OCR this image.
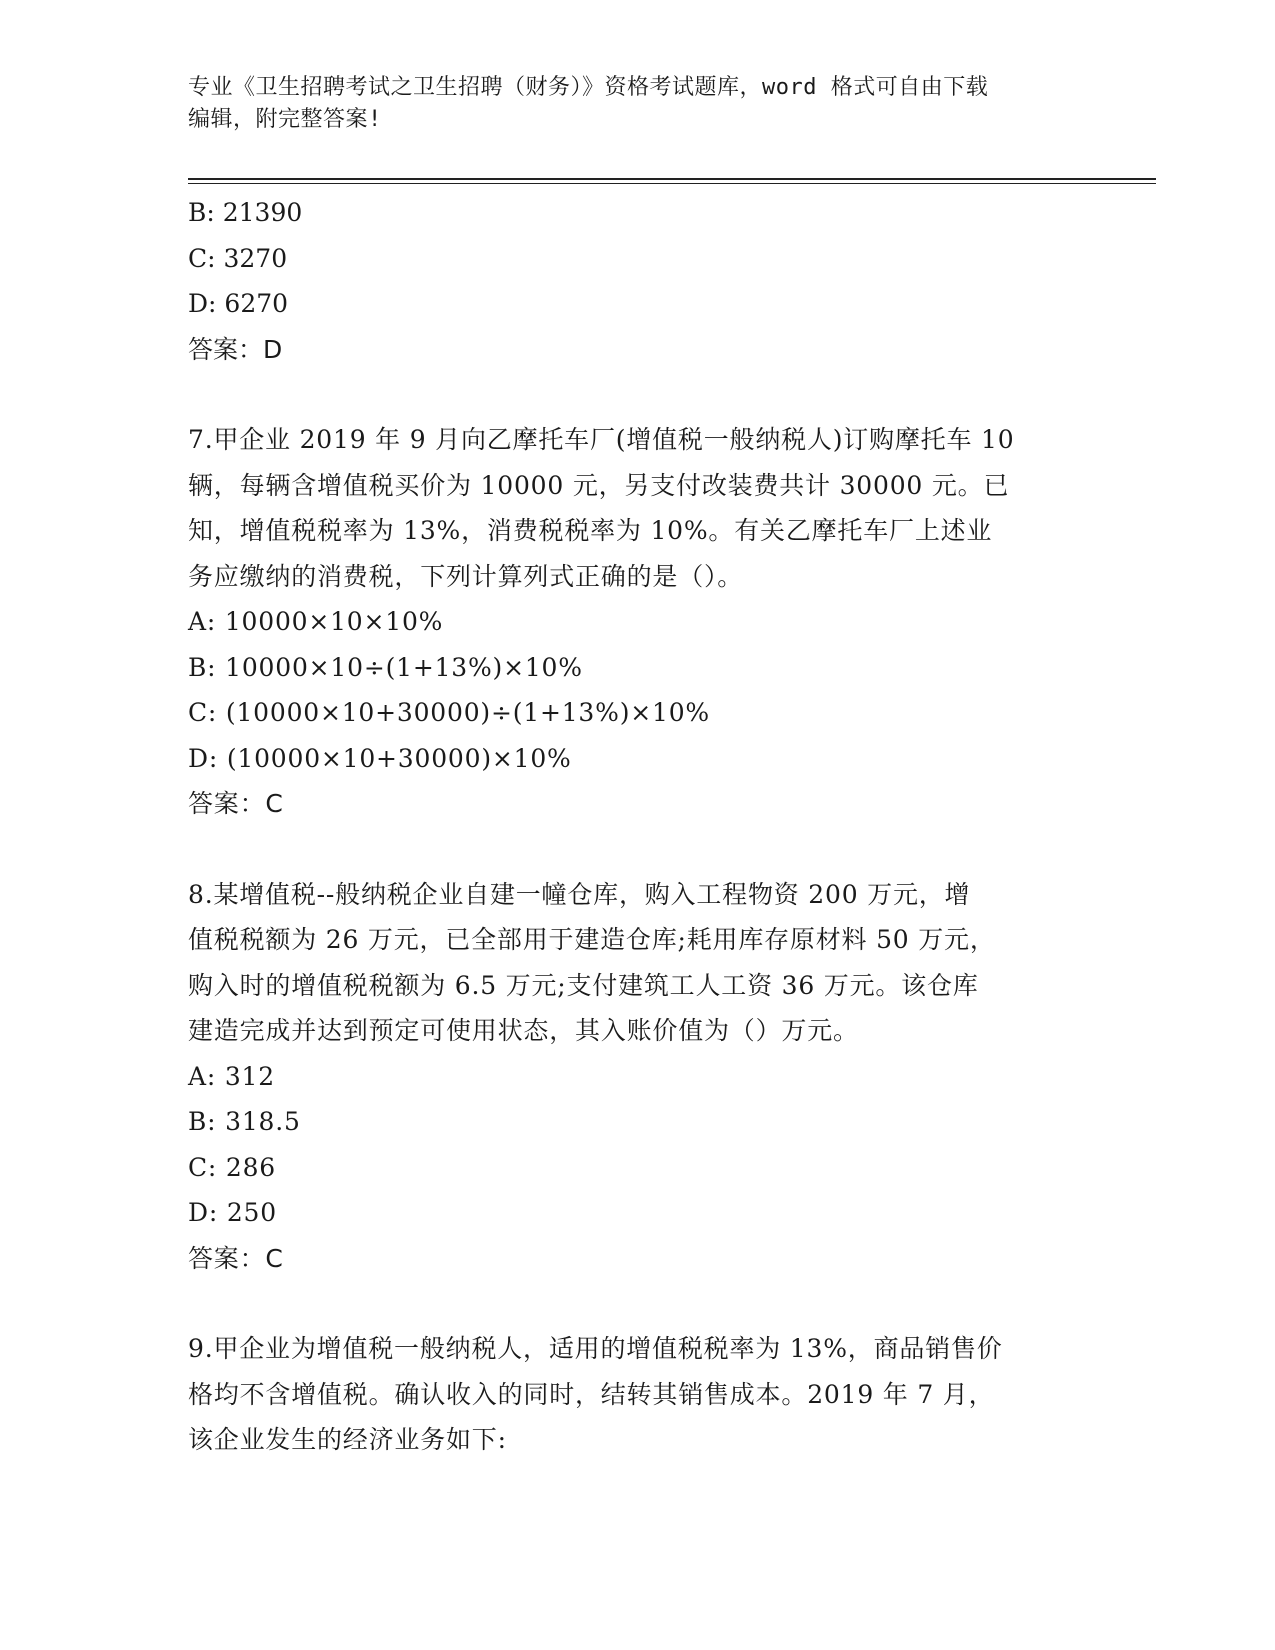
专业《卫生招聘考试之卫生招聘（财务）》资格考试题库，word 格式可自由下载
编辑，附完整答案!
B: 21390
C: 3270
D: 6270
答案：D
7.甲企业 2019 年 9 月向乙摩托车厂(增值税一般纳税人)订购摩托车 10
辆，每辆含增值税买价为 10000 元，另支付改装费共计 30000 元。已
知，增值税税率为 13%，消费税税率为 10%。有关乙摩托车厂上述业
务应缴纳的消费税，下列计算列式正确的是（）。
A: 10000×10×10%
B: 10000×10÷(1+13%)×10%
C: (10000×10+30000)÷(1+13%)×10%
D: (10000×10+30000)×10%
答案：C
8.某增值税--般纳税企业自建一幢仓库，购入工程物资 200 万元，增
值税税额为 26 万元，已全部用于建造仓库;耗用库存原材料 50 万元，
购入时的增值税税额为 6.5 万元;支付建筑工人工资 36 万元。该仓库
建造完成并达到预定可使用状态，其入账价值为（）万元。
A: 312
B: 318.5
C: 286
D: 250
答案：C
9.甲企业为增值税一般纳税人，适用的增值税税率为 13%，商品销售价
格均不含增值税。确认收入的同时，结转其销售成本。2019 年 7 月，
该企业发生的经济业务如下:
